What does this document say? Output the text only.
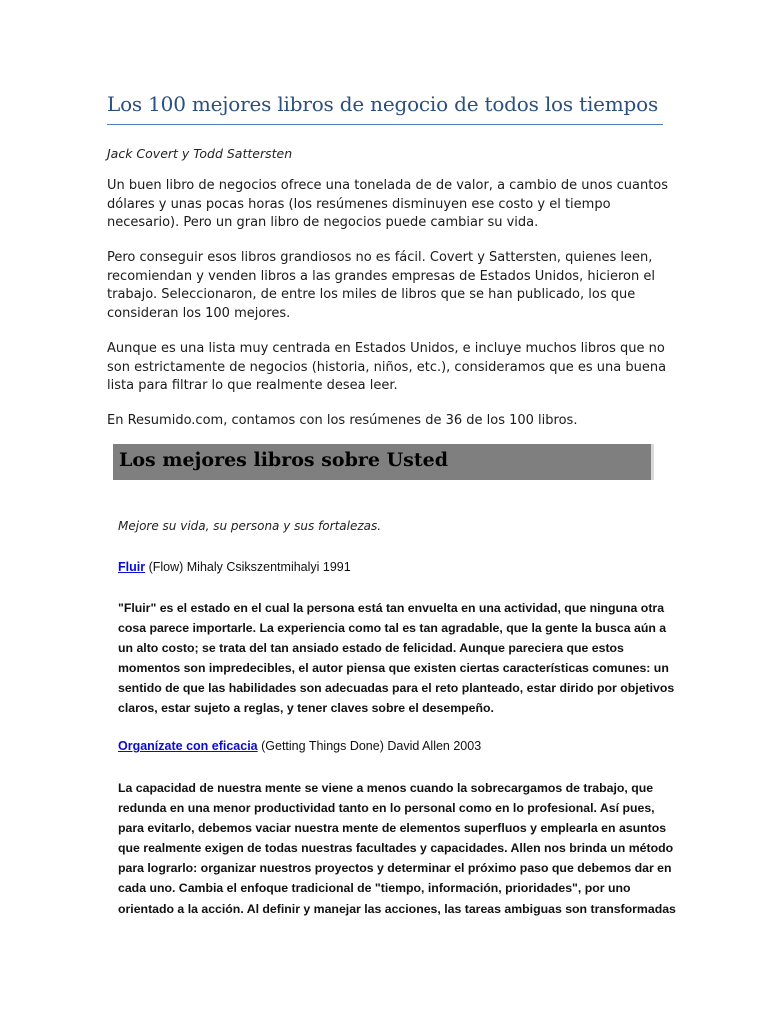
Los 100 mejores libros de negocio de todos los tiempos
Jack Covert y Todd Sattersten

Un buen libro de negocios ofrece una tonelada de de valor, a cambio de unos cuantos
dólares y unas pocas horas (los resúmenes disminuyen ese costo y el tiempo
necesario). Pero un gran libro de negocios puede cambiar su vida.

Pero conseguir esos libros grandiosos no es fácil. Covert y Sattersten, quienes leen,
recomiendan y venden libros a las grandes empresas de Estados Unidos, hicieron el
trabajo. Seleccionaron, de entre los miles de libros que se han publicado, los que
consideran los 100 mejores.

Aunque es una lista muy centrada en Estados Unidos, e incluye muchos libros que no
son estrictamente de negocios (historia, niños, etc.), consideramos que es una buena
lista para filtrar lo que realmente desea leer.

En Resumido.com, contamos con los resúmenes de 36 de los 100 libros.

Los mejores libros sobre Usted
Mejore su vida, su persona y sus fortalezas.
Fluir (Flow) Mihaly Csikszentmihalyi 1991

"Fluir" es el estado en el cual la persona está tan envuelta en una actividad, que ninguna otra
cosa parece importarle. La experiencia como tal es tan agradable, que la gente la busca aún a
un alto costo; se trata del tan ansiado estado de felicidad. Aunque pareciera que estos
momentos son impredecibles, el autor piensa que existen ciertas características comunes: un
sentido de que las habilidades son adecuadas para el reto planteado, estar dirido por objetivos
claros, estar sujeto a reglas, y tener claves sobre el desempeño.

Organízate con eficacia (Getting Things Done) David Allen 2003

La capacidad de nuestra mente se viene a menos cuando la sobrecargamos de trabajo, que
redunda en una menor productividad tanto en lo personal como en lo profesional. Así pues,
para evitarlo, debemos vaciar nuestra mente de elementos superfluos y emplearla en asuntos
que realmente exigen de todas nuestras facultades y capacidades. Allen nos brinda un método
para lograrlo: organizar nuestros proyectos y determinar el próximo paso que debemos dar en
cada uno. Cambia el enfoque tradicional de "tiempo, información, prioridades", por uno
orientado a la acción. Al definir y manejar las acciones, las tareas ambiguas son transformadas
